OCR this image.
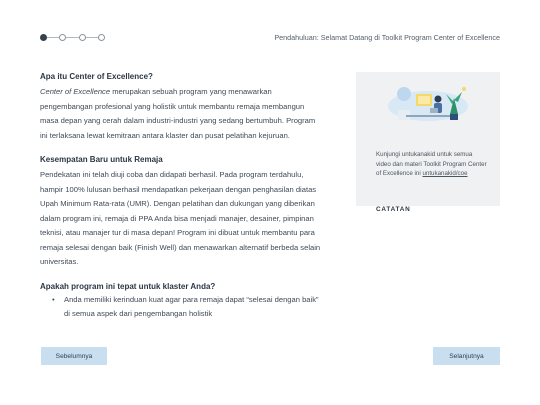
Pendahuluan: Selamat Datang di Toolkit Program Center of Excellence
Apa itu Center of Excellence?

Center of Excellence merupakan sebuah program yang menawarkan pengembangan profesional yang holistik untuk membantu remaja membangun masa depan yang cerah dalam industri-industri yang sedang bertumbuh. Program ini terlaksana lewat kemitraan antara klaster dan pusat pelatihan kejuruan.

Kesempatan Baru untuk Remaja

Pendekatan ini telah diuji coba dan didapati berhasil. Pada program terdahulu, hampir 100% lulusan berhasil mendapatkan pekerjaan dengan penghasilan diatas Upah Minimum Rata-rata (UMR). Dengan pelatihan dan dukungan yang diberikan dalam program ini, remaja di PPA Anda bisa menjadi manajer, desainer, pimpinan teknisi, atau manajer tur di masa depan! Program ini dibuat untuk membantu para remaja selesai dengan baik (Finish Well) dan menawarkan alternatif berbeda selain universitas.

Apakah program ini tepat untuk klaster Anda?
• Anda memiliki kerinduan kuat agar para remaja dapat “selesai dengan baik” di semua aspek dari pengembangan holistik
CATATAN
Kunjungi untukanakid untuk semua video dan materi Toolkit Program Center of Excellence ini untukanakid/coe
Sebelumnya	Selanjutnya
